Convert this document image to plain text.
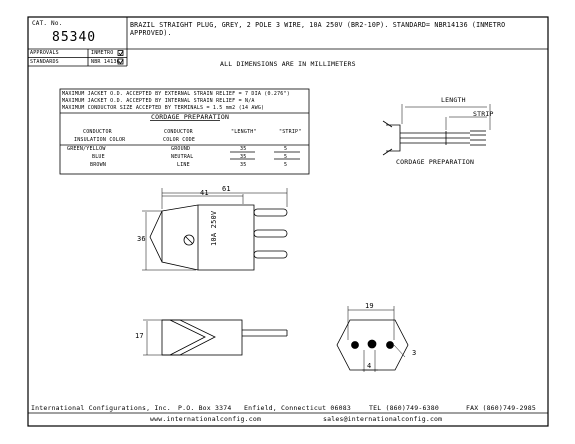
CAT. No.
85340
BRAZIL STRAIGHT PLUG, GREY, 2 POLE 3 WIRE, 10A 250V (BR2-10P). STANDARD= NBR14136 (INMETRO APPROVED).
APPROVALS	INMETRO
STANDARDS	NBR 14136	ALL DIMENSIONS ARE IN MILLIMETERS
MAXIMUM JACKET O.D. ACCEPTED BY EXTERNAL STRAIN RELIEF = 7 DIA (0.276")
MAXIMUM JACKET O.D. ACCEPTED BY INTERNAL STRAIN RELIEF = N/A
MAXIMUM CONDUCTOR SIZE ACCEPTED BY TERMINALS = 1.5 mm2 (14 AWG)
CORDAGE PREPARATION
CONDUCTOR
INSULATION COLOR
CONDUCTOR
COLOR CODE
"LENGTH"	"STRIP"
GREEN/YELLOW	GROUND	35	5
BLUE	NEUTRAL	35	5
BROWN	LINE	35	5
LENGTH
STRIP
CORDAGE PREPARATION
61
41
36
17
19
4
3
10A 250V
International Configurations, Inc. P.O. Box 3374 Enfield, Connecticut 06083	TEL (860)749-6380	FAX (860)749-2985
www.internationalconfig.com	sales@internationalconfig.com
